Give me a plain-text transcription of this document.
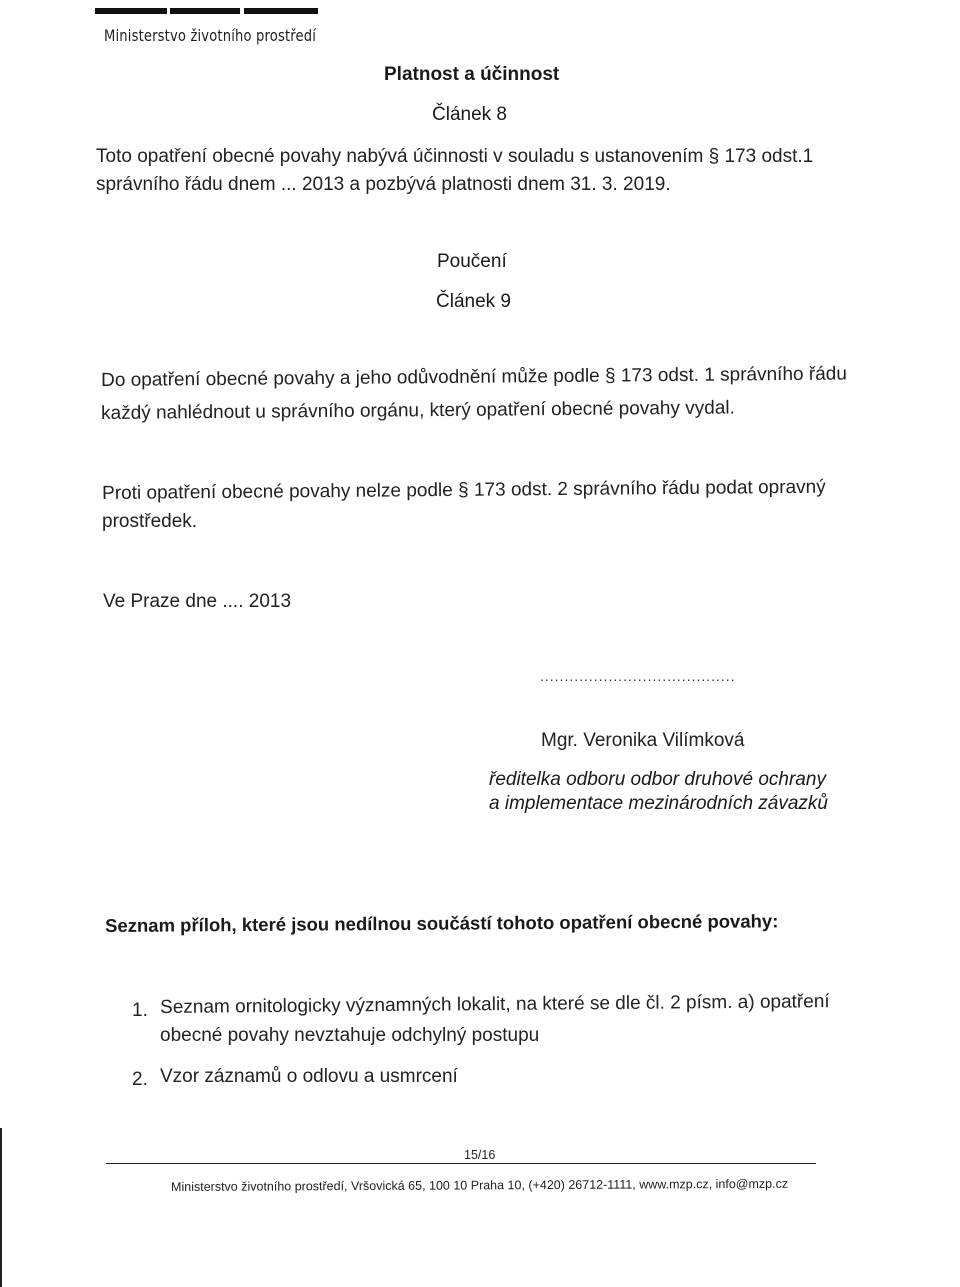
Ministerstvo životního prostředí
Platnost a účinnost
Článek 8
Toto opatření obecné povahy nabývá účinnosti v souladu s ustanovením § 173 odst.1
správního řádu dnem ... 2013 a pozbývá platnosti dnem 31. 3. 2019.
Poučení
Článek 9
Do opatření obecné povahy a jeho odůvodnění může podle § 173 odst. 1 správního řádu
každý nahlédnout u správního orgánu, který opatření obecné povahy vydal.
Proti opatření obecné povahy nelze podle § 173 odst. 2 správního řádu podat opravný
prostředek.
Ve Praze dne .... 2013
........................................
Mgr. Veronika Vilímková
ředitelka odboru odbor druhové ochrany
a implementace mezinárodních závazků
Seznam příloh, které jsou nedílnou součástí tohoto opatření obecné povahy:
1. Seznam ornitologicky významných lokalit, na které se dle čl. 2 písm. a) opatření
obecné povahy nevztahuje odchylný postupu
2. Vzor záznamů o odlovu a usmrcení
15/16
Ministerstvo životního prostředí, Vršovická 65, 100 10 Praha 10, (+420) 26712-1111, www.mzp.cz, info@mzp.cz
